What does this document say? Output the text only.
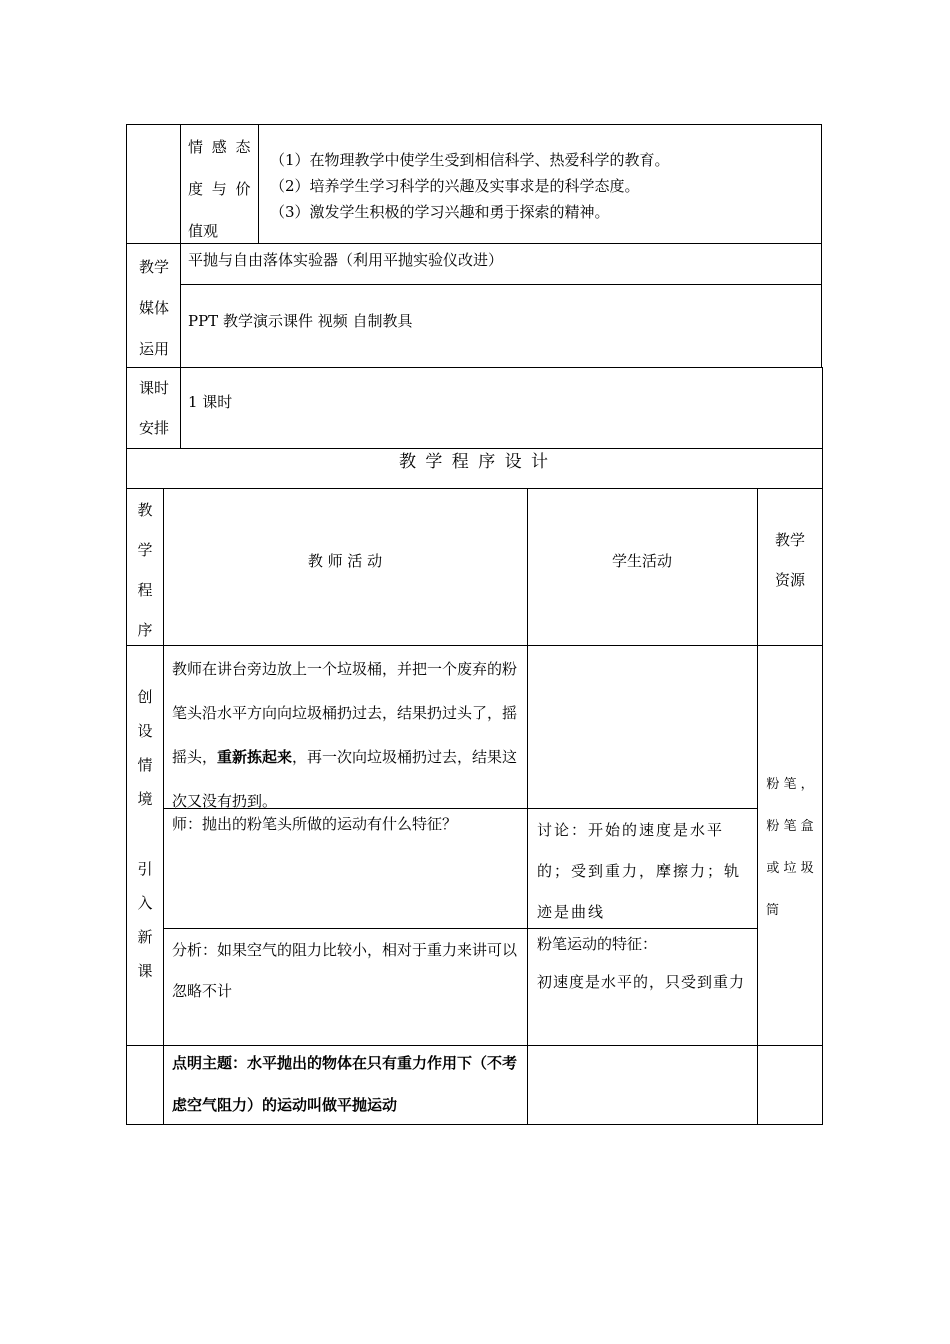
情 感 态
度 与 价
值观
（1）在物理教学中使学生受到相信科学、热爱科学的教育。
（2）培养学生学习科学的兴趣及实事求是的科学态度。
（3）激发学生积极的学习兴趣和勇于探索的精神。
教学
媒体
运用
平抛与自由落体实验器（利用平抛实验仪改进）
PPT 教学演示课件 视频 自制教具
课时
安排
1 课时
教 学 程 序 设 计
教
学
程
序
教 师 活 动	学生活动
教学
资源
创
设
情
境
引
入
新
课
教师在讲台旁边放上一个垃圾桶，并把一个废弃的粉笔头沿水平方向向垃圾桶扔过去，结果扔过头了，摇摇头，重新拣起来，再一次向垃圾桶扔过去，结果这次又没有扔到。
师：抛出的粉笔头所做的运动有什么特征？	讨论：开始的速度是水平的；受到重力，摩擦力；轨迹是曲线
分析：如果空气的阻力比较小，相对于重力来讲可以忽略不计
粉笔运动的特征：
初速度是水平的，只受到重力
点明主题：水平抛出的物体在只有重力作用下（不考虑空气阻力）的运动叫做平抛运动
粉 笔 ，
粉 笔 盒
或 垃 圾
筒
